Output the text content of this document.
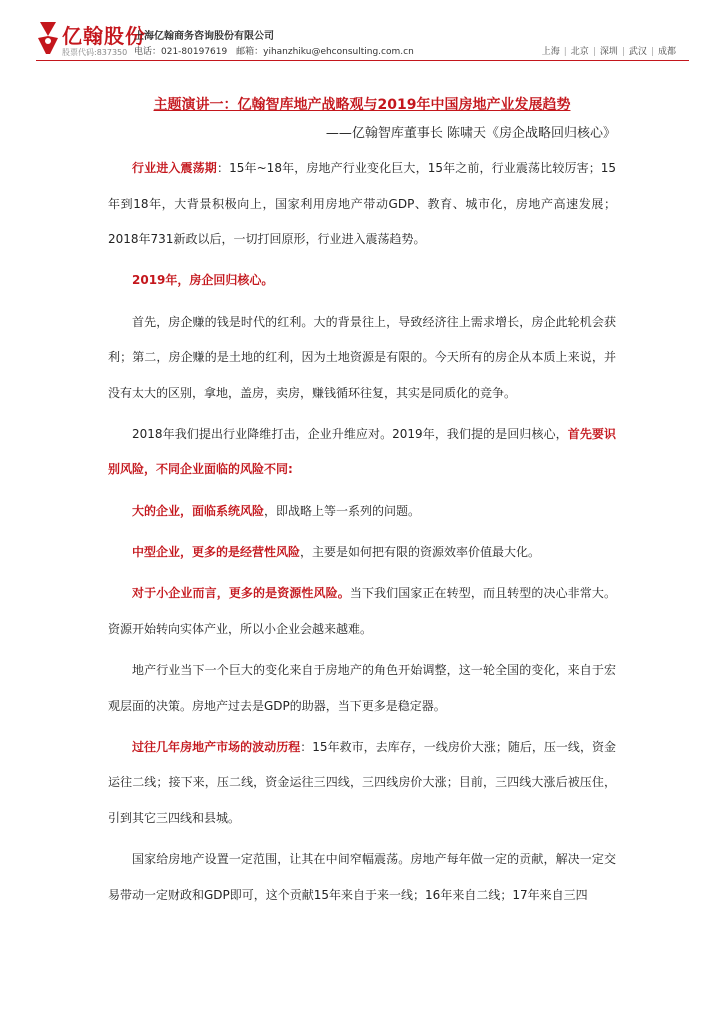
亿翰股份
股票代码:837350
上海亿翰商务咨询股份有限公司
电话：021-80197619 邮箱：yihanzhiku@ehconsulting.com.cn	上海 | 北京 | 深圳 | 武汉 | 成都
主题演讲一：亿翰智库地产战略观与2019年中国房地产业发展趋势
——亿翰智库董事长 陈啸天《房企战略回归核心》

行业进入震荡期：15年~18年，房地产行业变化巨大，15年之前，行业震荡比较厉害；15年到18年，大背景积极向上，国家利用房地产带动GDP、教育、城市化，房地产高速发展；2018年731新政以后，一切打回原形，行业进入震荡趋势。

2019年，房企回归核心。

首先，房企赚的钱是时代的红利。大的背景往上，导致经济往上需求增长，房企此轮机会获利；第二，房企赚的是土地的红利，因为土地资源是有限的。今天所有的房企从本质上来说，并没有太大的区别，拿地，盖房，卖房，赚钱循环往复，其实是同质化的竞争。

2018年我们提出行业降维打击，企业升维应对。2019年，我们提的是回归核心，首先要识别风险，不同企业面临的风险不同:

大的企业，面临系统风险，即战略上等一系列的问题。

中型企业，更多的是经营性风险，主要是如何把有限的资源效率价值最大化。

对于小企业而言，更多的是资源性风险。当下我们国家正在转型，而且转型的决心非常大。资源开始转向实体产业，所以小企业会越来越难。

地产行业当下一个巨大的变化来自于房地产的角色开始调整，这一轮全国的变化，来自于宏观层面的决策。房地产过去是GDP的助器，当下更多是稳定器。

过往几年房地产市场的波动历程：15年救市，去库存，一线房价大涨；随后，压一线，资金运往二线；接下来，压二线，资金运往三四线，三四线房价大涨；目前，三四线大涨后被压住，引到其它三四线和县城。

国家给房地产设置一定范围，让其在中间窄幅震荡。房地产每年做一定的贡献，解决一定交易带动一定财政和GDP即可，这个贡献15年来自于来一线；16年来自二线；17年来自三四
